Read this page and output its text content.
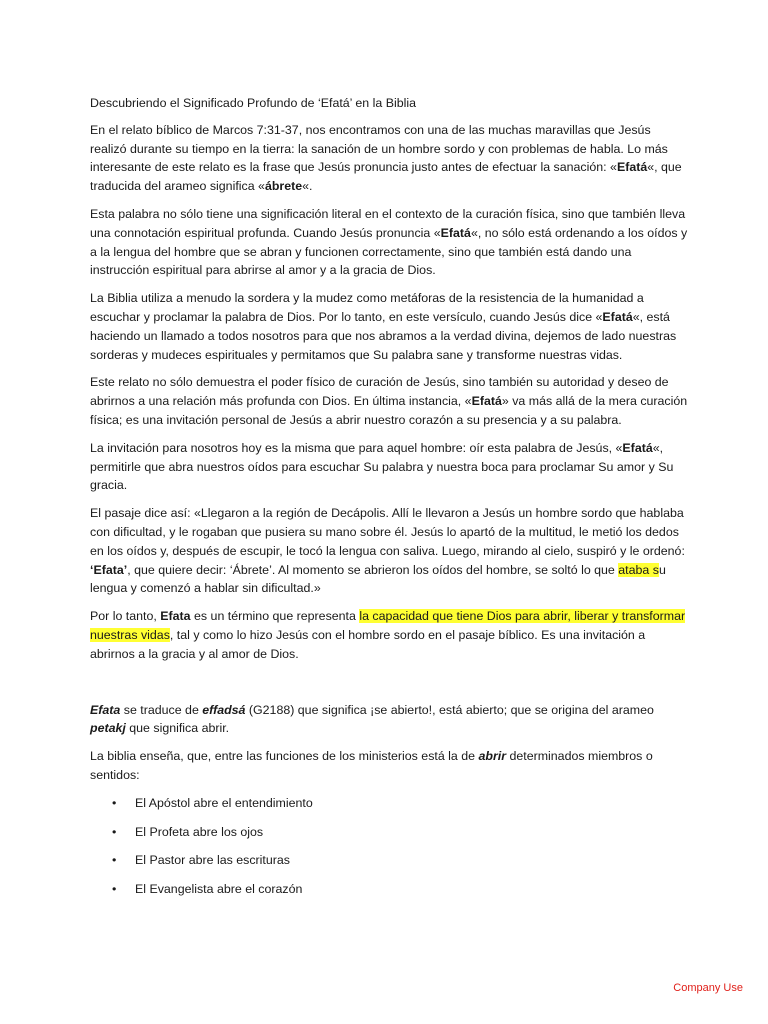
Descubriendo el Significado Profundo de ‘Efatá’ en la Biblia

En el relato bíblico de Marcos 7:31-37, nos encontramos con una de las muchas maravillas que Jesús realizó durante su tiempo en la tierra: la sanación de un hombre sordo y con problemas de habla. Lo más interesante de este relato es la frase que Jesús pronuncia justo antes de efectuar la sanación: «Efatá«, que traducida del arameo significa «ábrete«.

Esta palabra no sólo tiene una significación literal en el contexto de la curación física, sino que también lleva una connotación espiritual profunda. Cuando Jesús pronuncia «Efatá«, no sólo está ordenando a los oídos y a la lengua del hombre que se abran y funcionen correctamente, sino que también está dando una instrucción espiritual para abrirse al amor y a la gracia de Dios.

La Biblia utiliza a menudo la sordera y la mudez como metáforas de la resistencia de la humanidad a escuchar y proclamar la palabra de Dios. Por lo tanto, en este versículo, cuando Jesús dice «Efatá«, está haciendo un llamado a todos nosotros para que nos abramos a la verdad divina, dejemos de lado nuestras sorderas y mudeces espirituales y permitamos que Su palabra sane y transforme nuestras vidas.

Este relato no sólo demuestra el poder físico de curación de Jesús, sino también su autoridad y deseo de abrirnos a una relación más profunda con Dios. En última instancia, «Efatá» va más allá de la mera curación física; es una invitación personal de Jesús a abrir nuestro corazón a su presencia y a su palabra.

La invitación para nosotros hoy es la misma que para aquel hombre: oír esta palabra de Jesús, «Efatá«, permitirle que abra nuestros oídos para escuchar Su palabra y nuestra boca para proclamar Su amor y Su gracia.

El pasaje dice así: «Llegaron a la región de Decápolis. Allí le llevaron a Jesús un hombre sordo que hablaba con dificultad, y le rogaban que pusiera su mano sobre él. Jesús lo apartó de la multitud, le metió los dedos en los oídos y, después de escupir, le tocó la lengua con saliva. Luego, mirando al cielo, suspiró y le ordenó: ‘Efata’, que quiere decir: ‘Ábrete’. Al momento se abrieron los oídos del hombre, se soltó lo que ataba su lengua y comenzó a hablar sin dificultad.»

Por lo tanto, Efata es un término que representa la capacidad que tiene Dios para abrir, liberar y transformar nuestras vidas, tal y como lo hizo Jesús con el hombre sordo en el pasaje bíblico. Es una invitación a abrirnos a la gracia y al amor de Dios.

Efata se traduce de effadsá (G2188) que significa ¡se abierto!, está abierto; que se origina del arameo petakj que significa abrir.

La biblia enseña, que, entre las funciones de los ministerios está la de abrir determinados miembros o sentidos:

• El Apóstol abre el entendimiento
• El Profeta abre los ojos
• El Pastor abre las escrituras
• El Evangelista abre el corazón
Company Use
